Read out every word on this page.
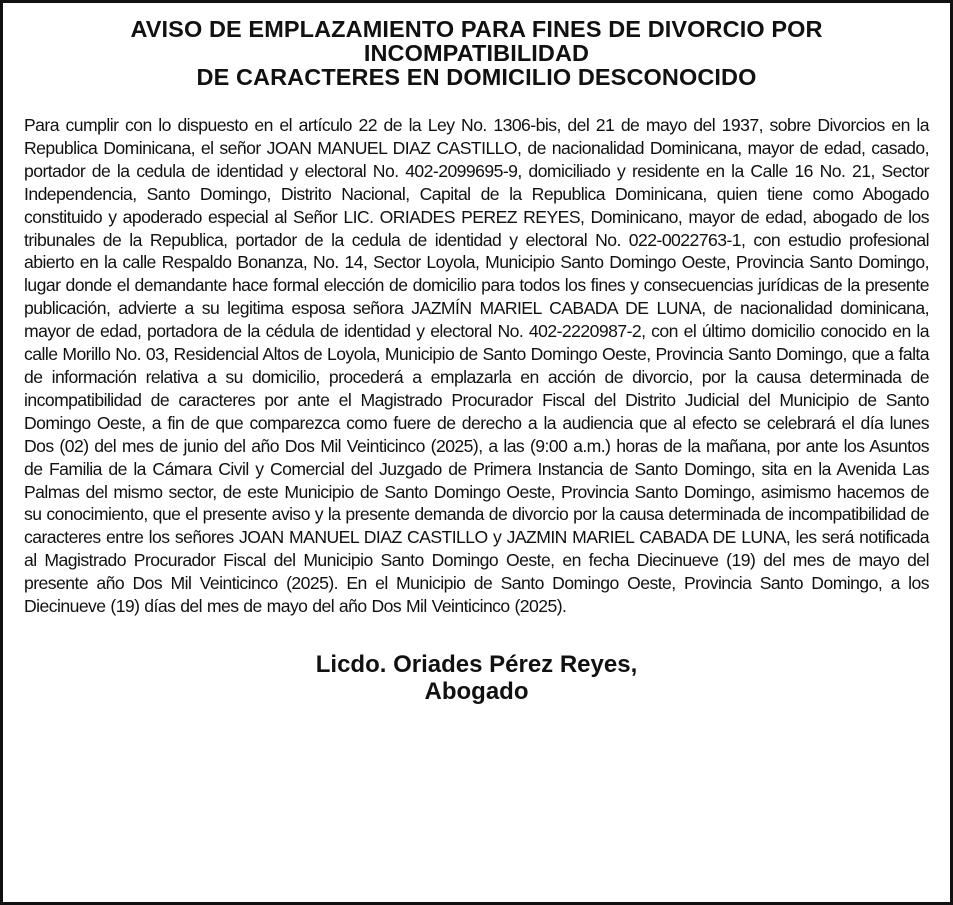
AVISO DE EMPLAZAMIENTO PARA FINES DE DIVORCIO POR
INCOMPATIBILIDAD
DE CARACTERES EN DOMICILIO DESCONOCIDO

Para cumplir con lo dispuesto en el artículo 22 de la Ley No. 1306-bis, del 21 de mayo del 1937, sobre Divorcios en la Republica Dominicana, el señor JOAN MANUEL DIAZ CASTILLO, de nacionalidad Dominicana, mayor de edad, casado, portador de la cedula de identidad y electoral No. 402-2099695-9, domiciliado y residente en la Calle 16 No. 21, Sector Independencia, Santo Domingo, Distrito Nacional, Capital de la Republica Dominicana, quien tiene como Abogado constituido y apoderado especial al Señor LIC. ORIADES PEREZ REYES, Dominicano, mayor de edad, abogado de los tribunales de la Republica, portador de la cedula de identidad y electoral No. 022-0022763-1, con estudio profesional abierto en la calle Respaldo Bonanza, No. 14, Sector Loyola, Municipio Santo Domingo Oeste, Provincia Santo Domingo, lugar donde el demandante hace formal elección de domicilio para todos los fines y consecuencias jurídicas de la presente publicación, advierte a su legitima esposa señora JAZMÍN MARIEL CABADA DE LUNA, de nacionalidad dominicana, mayor de edad, portadora de la cédula de identidad y electoral No. 402-2220987-2, con el último domicilio conocido en la calle Morillo No. 03, Residencial Altos de Loyola, Municipio de Santo Domingo Oeste, Provincia Santo Domingo, que a falta de información relativa a su domicilio, procederá a emplazarla en acción de divorcio, por la causa determinada de incompatibilidad de caracteres por ante el Magistrado Procurador Fiscal del Distrito Judicial del Municipio de Santo Domingo Oeste, a fin de que comparezca como fuere de derecho a la audiencia que al efecto se celebrará el día lunes Dos (02) del mes de junio del año Dos Mil Veinticinco (2025), a las (9:00 a.m.) horas de la mañana, por ante los Asuntos de Familia de la Cámara Civil y Comercial del Juzgado de Primera Instancia de Santo Domingo, sita en la Avenida Las Palmas del mismo sector, de este Municipio de Santo Domingo Oeste, Provincia Santo Domingo, asimismo hacemos de su conocimiento, que el presente aviso y la presente demanda de divorcio por la causa determinada de incompatibilidad de caracteres entre los señores JOAN MANUEL DIAZ CASTILLO y JAZMIN MARIEL CABADA DE LUNA, les será notificada al Magistrado Procurador Fiscal del Municipio Santo Domingo Oeste, en fecha Diecinueve (19) del mes de mayo del presente año Dos Mil Veinticinco (2025). En el Municipio de Santo Domingo Oeste, Provincia Santo Domingo, a los Diecinueve (19) días del mes de mayo del año Dos Mil Veinticinco (2025).

Licdo. Oriades Pérez Reyes,
Abogado
